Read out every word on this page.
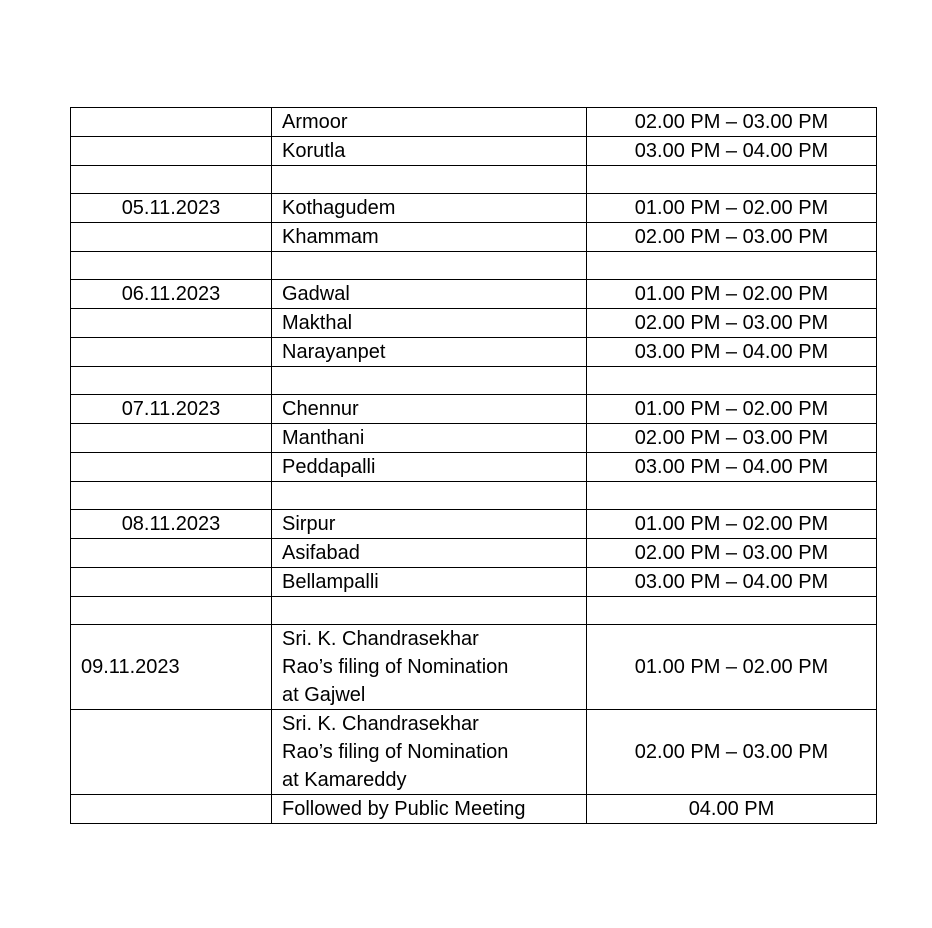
	Armoor	02.00 PM – 03.00 PM
	Korutla	03.00 PM – 04.00 PM

05.11.2023	Kothagudem	01.00 PM – 02.00 PM
	Khammam	02.00 PM – 03.00 PM

06.11.2023	Gadwal	01.00 PM – 02.00 PM
	Makthal	02.00 PM – 03.00 PM
	Narayanpet	03.00 PM – 04.00 PM

07.11.2023	Chennur	01.00 PM – 02.00 PM
	Manthani	02.00 PM – 03.00 PM
	Peddapalli	03.00 PM – 04.00 PM

08.11.2023	Sirpur	01.00 PM – 02.00 PM
	Asifabad	02.00 PM – 03.00 PM
	Bellampalli	03.00 PM – 04.00 PM

09.11.2023	Sri. K. Chandrasekhar
Rao’s filing of Nomination
at Gajwel	01.00 PM – 02.00 PM

	Sri. K. Chandrasekhar
Rao’s filing of Nomination
at Kamareddy	02.00 PM – 03.00 PM
	Followed by Public Meeting	04.00 PM
